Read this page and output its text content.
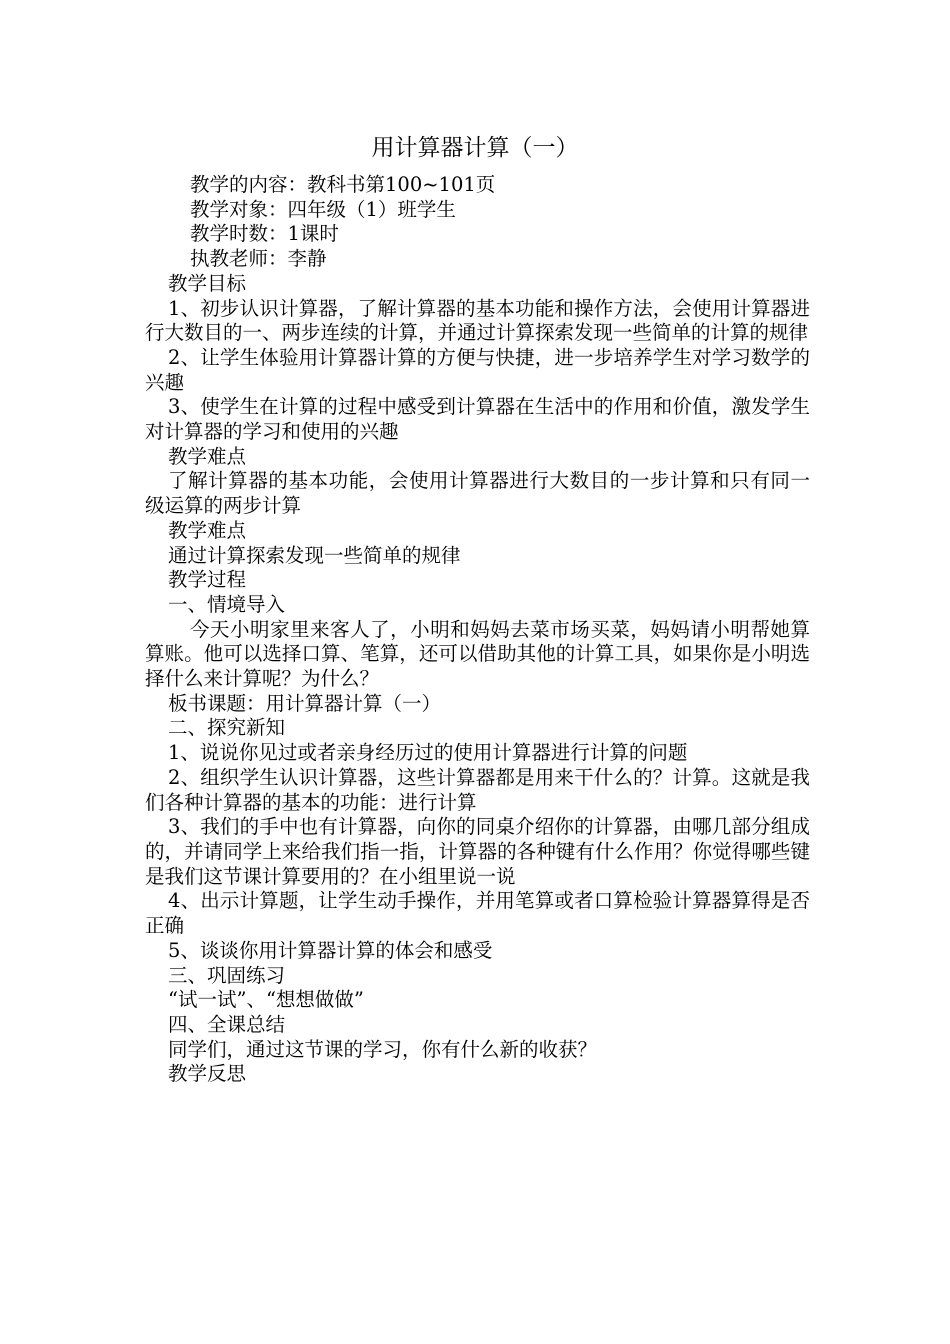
用计算器计算（一）

教学的内容：教科书第100~101页

教学对象：四年级（1）班学生

教学时数：1课时

执教老师：李静

教学目标

1、初步认识计算器，了解计算器的基本功能和操作方法，会使用计算器进行大数目的一、两步连续的计算，并通过计算探索发现一些简单的计算的规律

2、让学生体验用计算器计算的方便与快捷，进一步培养学生对学习数学的兴趣

3、使学生在计算的过程中感受到计算器在生活中的作用和价值，激发学生对计算器的学习和使用的兴趣

教学难点

了解计算器的基本功能，会使用计算器进行大数目的一步计算和只有同一级运算的两步计算

教学难点

通过计算探索发现一些简单的规律

教学过程

一、情境导入

今天小明家里来客人了，小明和妈妈去菜市场买菜，妈妈请小明帮她算算账。他可以选择口算、笔算，还可以借助其他的计算工具，如果你是小明选择什么来计算呢？为什么？

板书课题：用计算器计算（一）

二、探究新知

1、说说你见过或者亲身经历过的使用计算器进行计算的问题

2、组织学生认识计算器，这些计算器都是用来干什么的？计算。这就是我们各种计算器的基本的功能：进行计算

3、我们的手中也有计算器，向你的同桌介绍你的计算器，由哪几部分组成的，并请同学上来给我们指一指，计算器的各种键有什么作用？你觉得哪些键是我们这节课计算要用的？在小组里说一说

4、出示计算题，让学生动手操作，并用笔算或者口算检验计算器算得是否正确

5、谈谈你用计算器计算的体会和感受

三、巩固练习

“试一试”、“想想做做”

四、全课总结

同学们，通过这节课的学习，你有什么新的收获？

教学反思
